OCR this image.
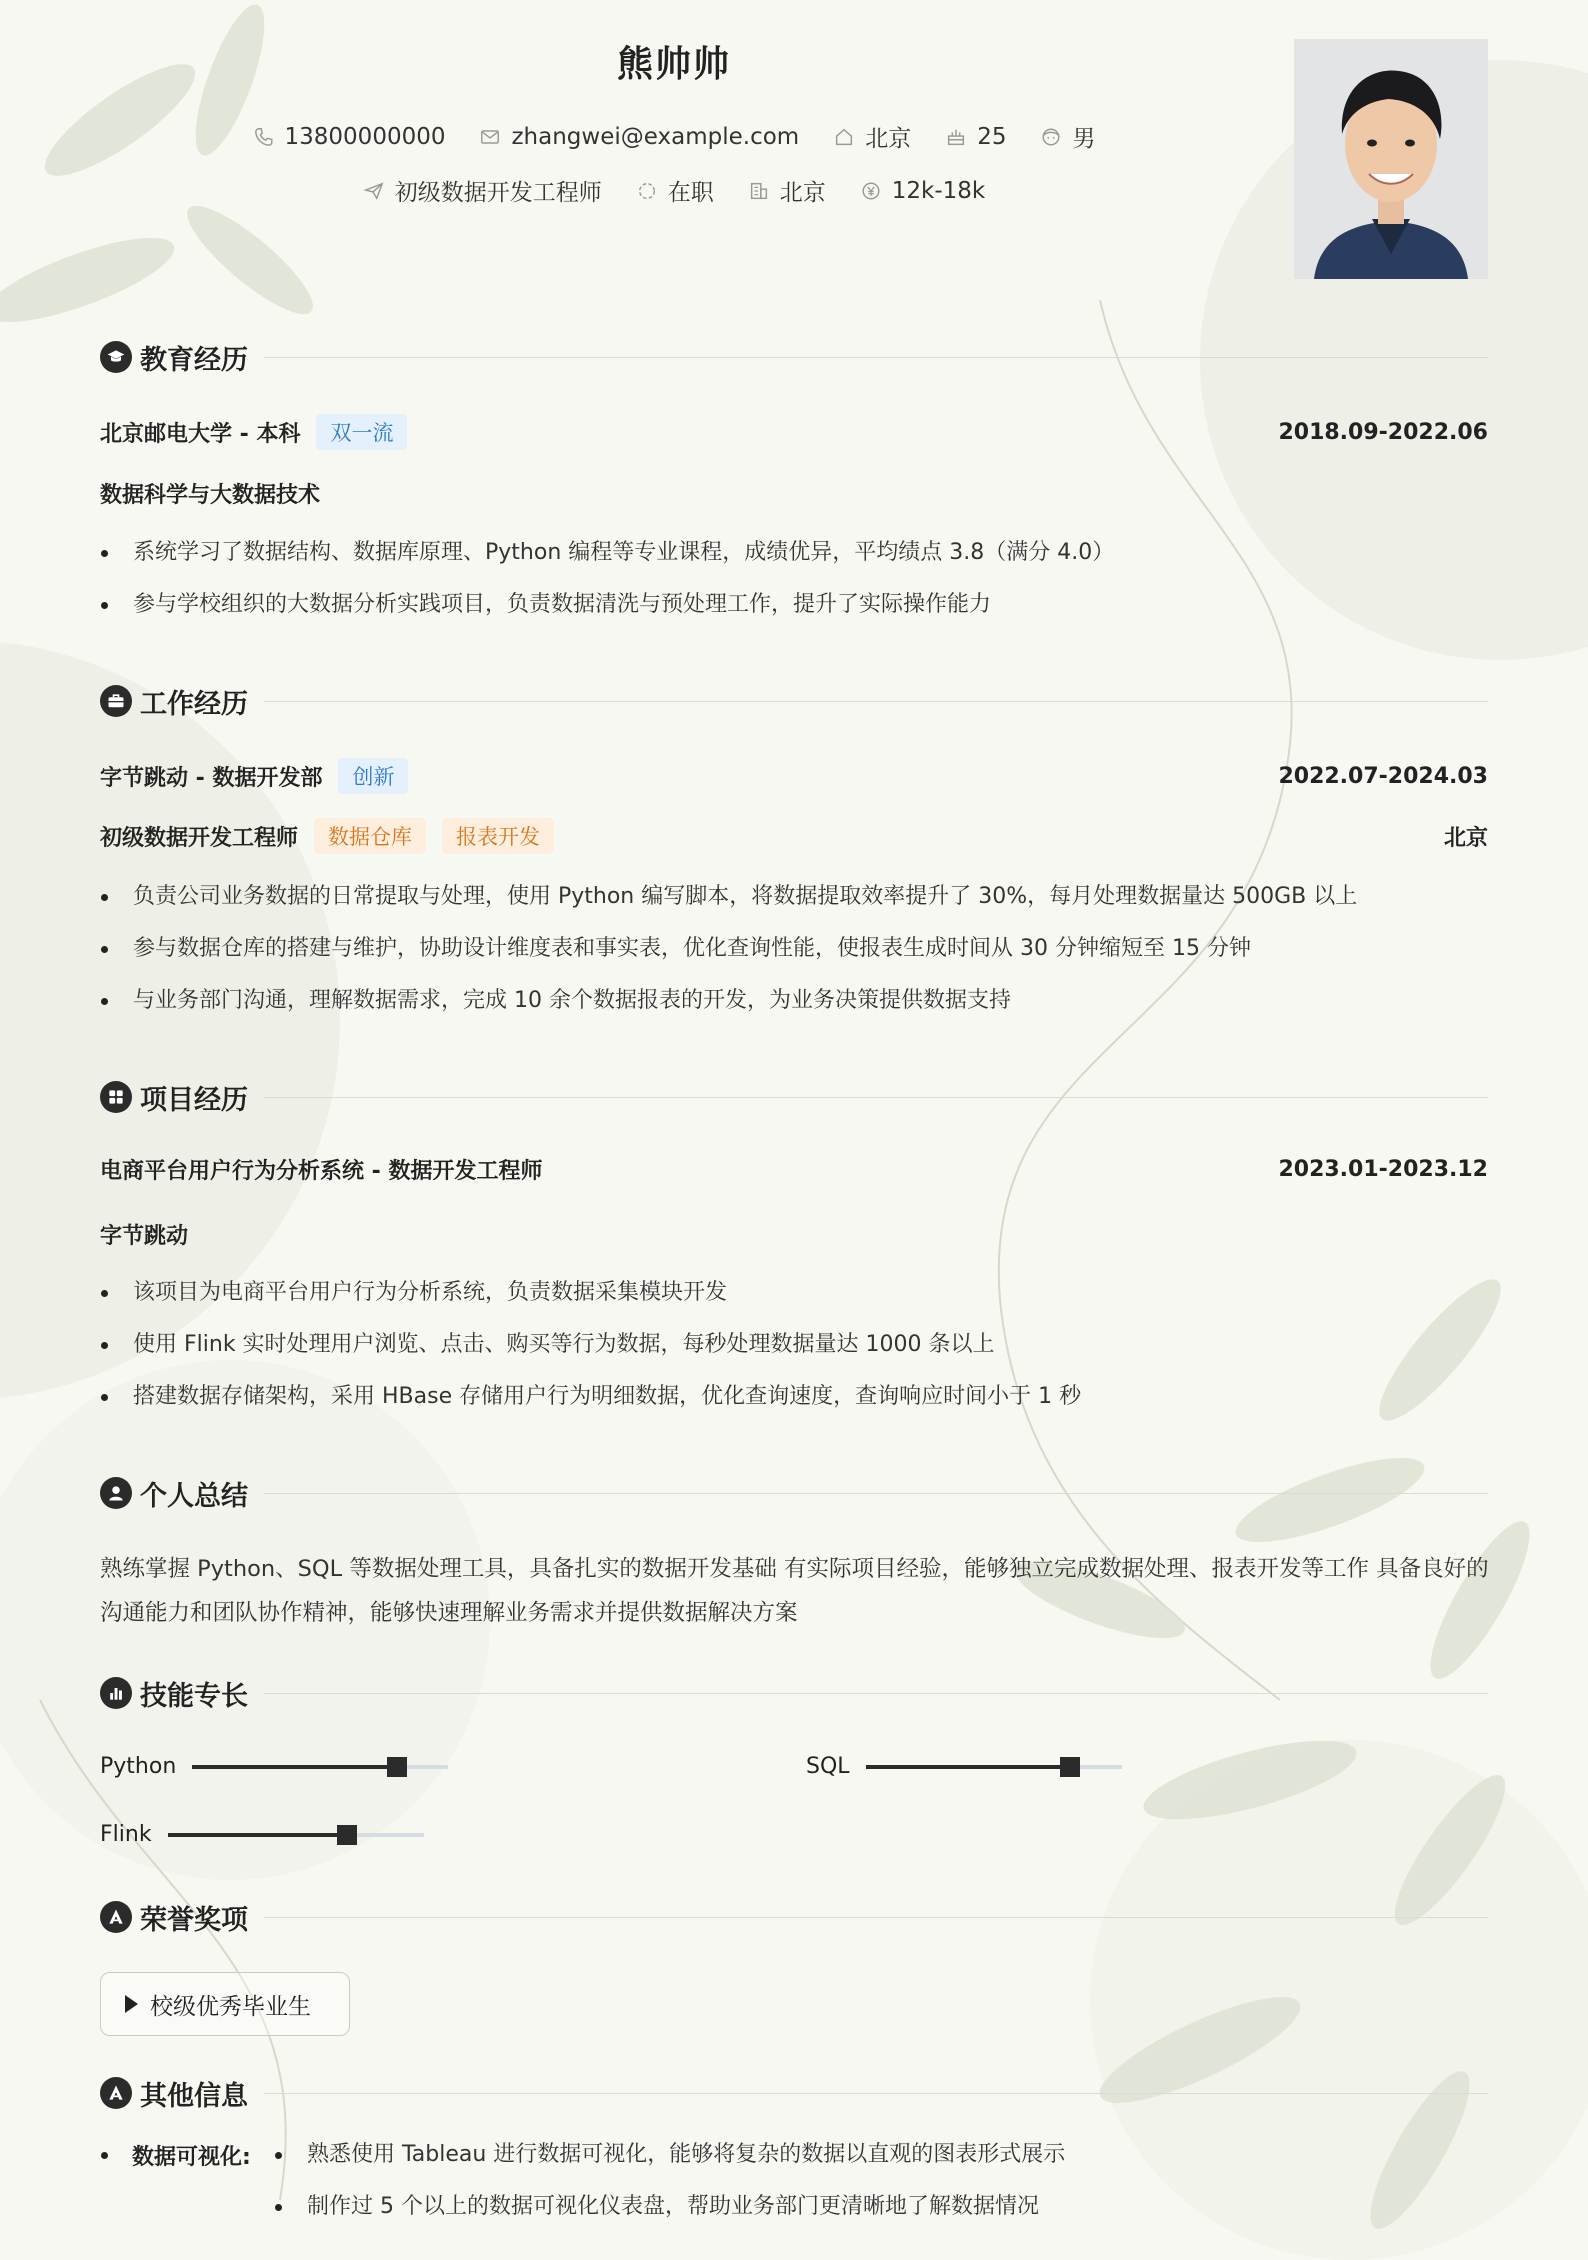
熊帅帅
13800000000	zhangwei@example.com	北京	25	男
初级数据开发工程师	在职	北京	12k-18k
教育经历
北京邮电大学 - 本科	双一流	2018.09-2022.06
数据科学与大数据技术
系统学习了数据结构、数据库原理、Python 编程等专业课程，成绩优异，平均绩点 3.8（满分 4.0）
参与学校组织的大数据分析实践项目，负责数据清洗与预处理工作，提升了实际操作能力
工作经历
字节跳动 - 数据开发部	创新	2022.07-2024.03
初级数据开发工程师	数据仓库	报表开发	北京
负责公司业务数据的日常提取与处理，使用 Python 编写脚本，将数据提取效率提升了 30%，每月处理数据量达 500GB 以上
参与数据仓库的搭建与维护，协助设计维度表和事实表，优化查询性能，使报表生成时间从 30 分钟缩短至 15 分钟
与业务部门沟通，理解数据需求，完成 10 余个数据报表的开发，为业务决策提供数据支持
项目经历
电商平台用户行为分析系统 - 数据开发工程师	2023.01-2023.12
字节跳动
该项目为电商平台用户行为分析系统，负责数据采集模块开发
使用 Flink 实时处理用户浏览、点击、购买等行为数据，每秒处理数据量达 1000 条以上
搭建数据存储架构，采用 HBase 存储用户行为明细数据，优化查询速度，查询响应时间小于 1 秒
个人总结
熟练掌握 Python、SQL 等数据处理工具，具备扎实的数据开发基础 有实际项目经验，能够独立完成数据处理、报表开发等工作 具备良好的沟通能力和团队协作精神，能够快速理解业务需求并提供数据解决方案
技能专长
Python	SQL
Flink
荣誉奖项
校级优秀毕业生
其他信息
数据可视化:	熟悉使用 Tableau 进行数据可视化，能够将复杂的数据以直观的图表形式展示
制作过 5 个以上的数据可视化仪表盘，帮助业务部门更清晰地了解数据情况
